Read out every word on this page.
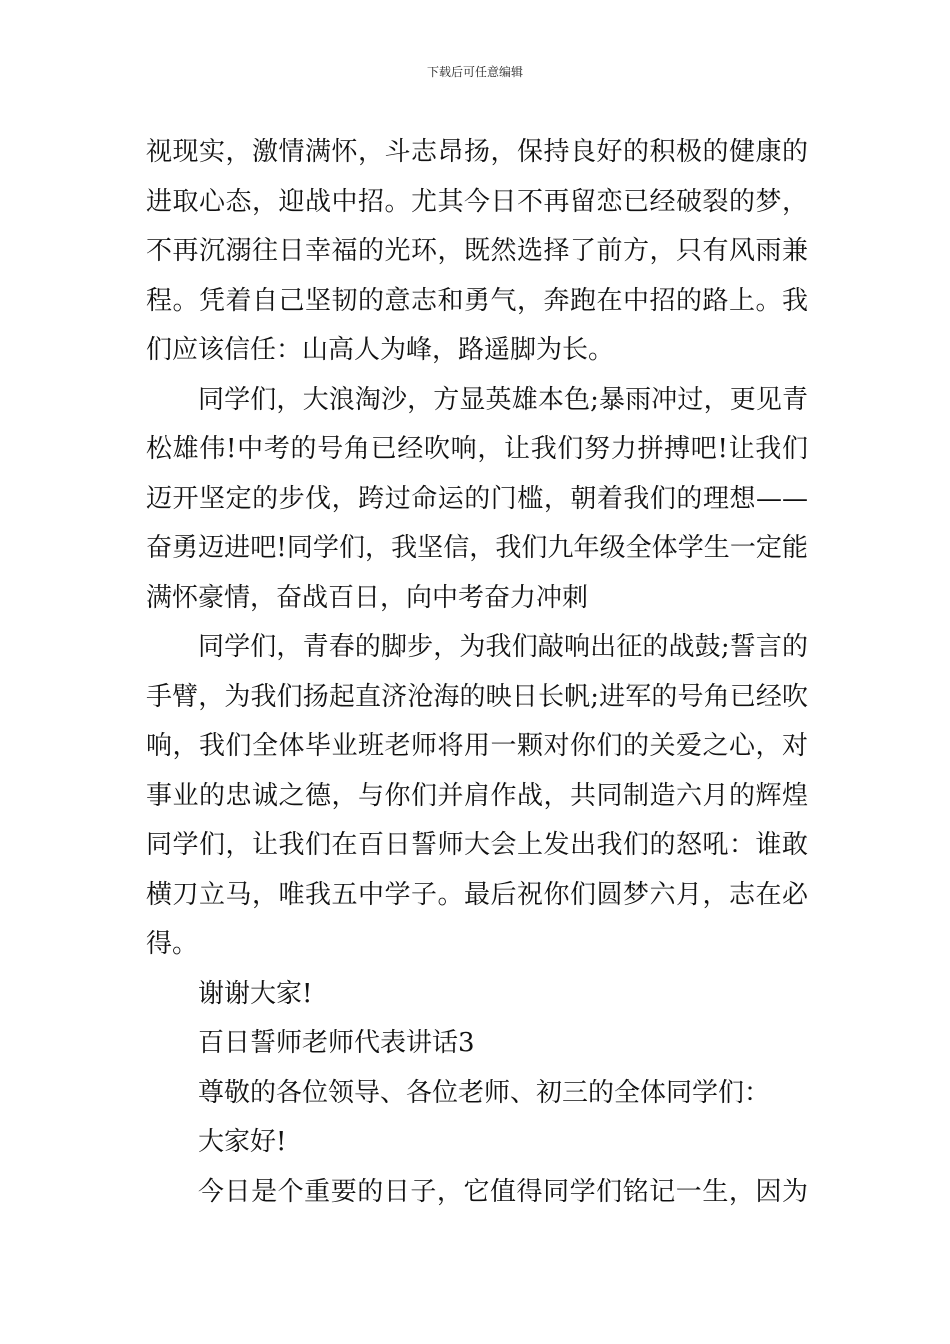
下载后可任意编辑
视现实，激情满怀，斗志昂扬，保持良好的积极的健康的
进取心态，迎战中招。尤其今日不再留恋已经破裂的梦，
不再沉溺往日幸福的光环，既然选择了前方，只有风雨兼
程。凭着自己坚韧的意志和勇气，奔跑在中招的路上。我
们应该信任：山高人为峰，路遥脚为长。
同学们，大浪淘沙，方显英雄本色;暴雨冲过，更见青
松雄伟!中考的号角已经吹响，让我们努力拼搏吧!让我们
迈开坚定的步伐，跨过命运的门槛，朝着我们的理想——
奋勇迈进吧!同学们，我坚信，我们九年级全体学生一定能
满怀豪情，奋战百日，向中考奋力冲刺
同学们，青春的脚步，为我们敲响出征的战鼓;誓言的
手臂，为我们扬起直济沧海的映日长帆;进军的号角已经吹
响，我们全体毕业班老师将用一颗对你们的关爱之心，对
事业的忠诚之德，与你们并肩作战，共同制造六月的辉煌
同学们，让我们在百日誓师大会上发出我们的怒吼：谁敢
横刀立马，唯我五中学子。最后祝你们圆梦六月，志在必
得。
谢谢大家!
百日誓师老师代表讲话3
尊敬的各位领导、各位老师、初三的全体同学们：
大家好!
今日是个重要的日子，它值得同学们铭记一生，因为
